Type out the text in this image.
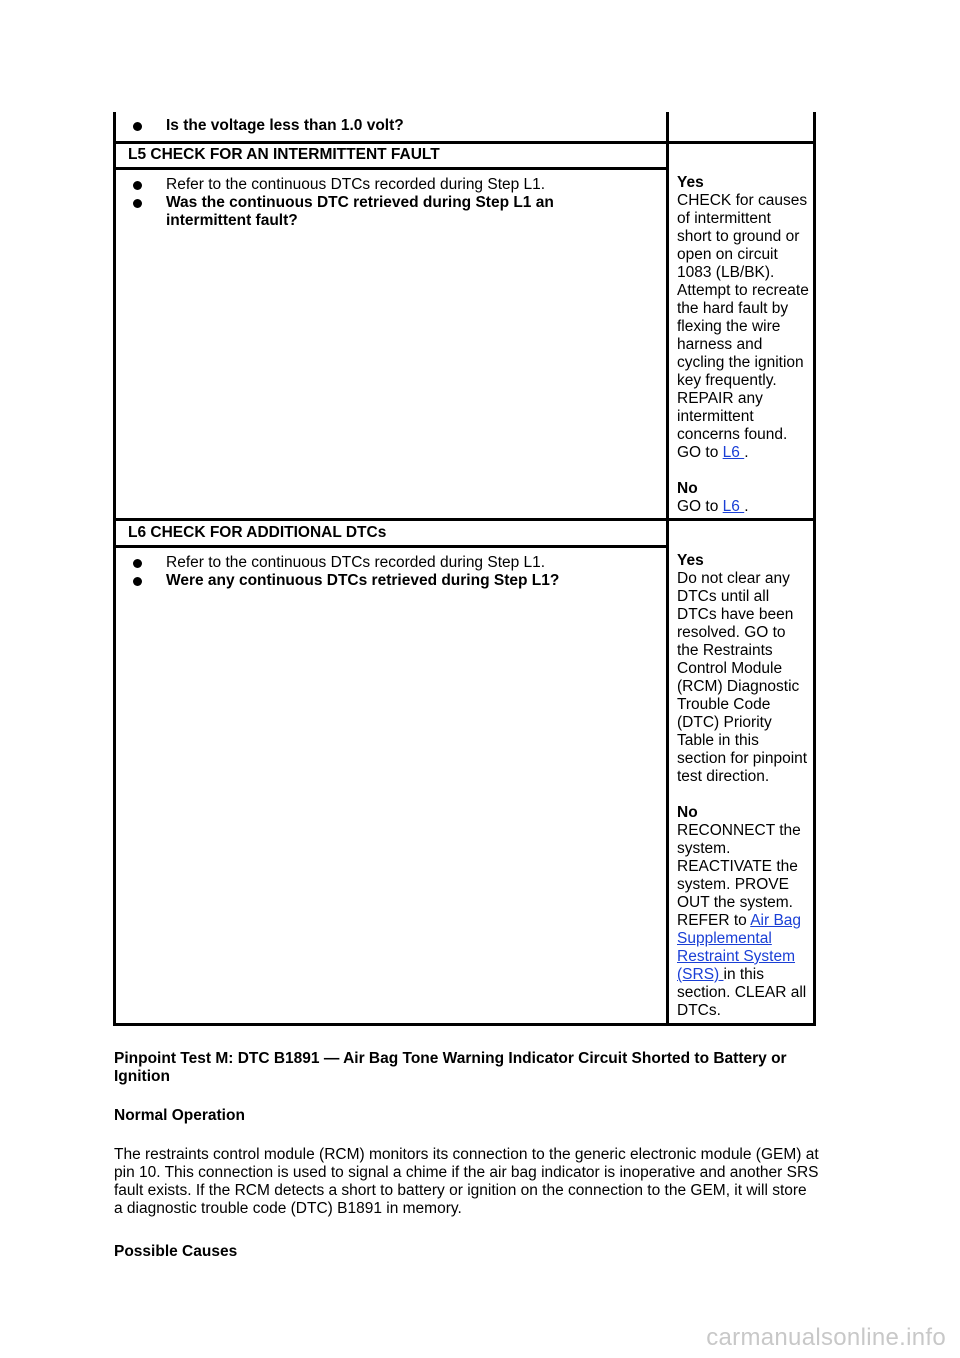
Is the voltage less than 1.0 volt?
L5 CHECK FOR AN INTERMITTENT FAULT
Refer to the continuous DTCs recorded during Step L1.
Was the continuous DTC retrieved during Step L1 an
intermittent fault?

Yes

CHECK for causes

of intermittent

short to ground or

open on circuit

1083 (LB/BK).

Attempt to recreate

the hard fault by

flexing the wire

harness and

cycling the ignition

key frequently.

REPAIR any

intermittent

concerns found.

GO to L6 .

No

GO to L6 .

L6 CHECK FOR ADDITIONAL DTCs
Refer to the continuous DTCs recorded during Step L1.
Were any continuous DTCs retrieved during Step L1?

Yes

Do not clear any

DTCs until all

DTCs have been

resolved. GO to

the Restraints

Control Module

(RCM) Diagnostic

Trouble Code

(DTC) Priority

Table in this

section for pinpoint

test direction.

No

RECONNECT the

system.

REACTIVATE the

system. PROVE

OUT the system.

REFER to Air Bag

Supplemental

Restraint System

(SRS) in this

section. CLEAR all

DTCs.

Pinpoint Test M: DTC B1891 — Air Bag Tone Warning Indicator Circuit Shorted to Battery or
Ignition
Normal Operation

The restraints control module (RCM) monitors its connection to the generic electronic module (GEM) at

pin 10. This connection is used to signal a chime if the air bag indicator is inoperative and another SRS

fault exists. If the RCM detects a short to battery or ignition on the connection to the GEM, it will store

a diagnostic trouble code (DTC) B1891 in memory.

Possible Causes
carmanualsonline.info
